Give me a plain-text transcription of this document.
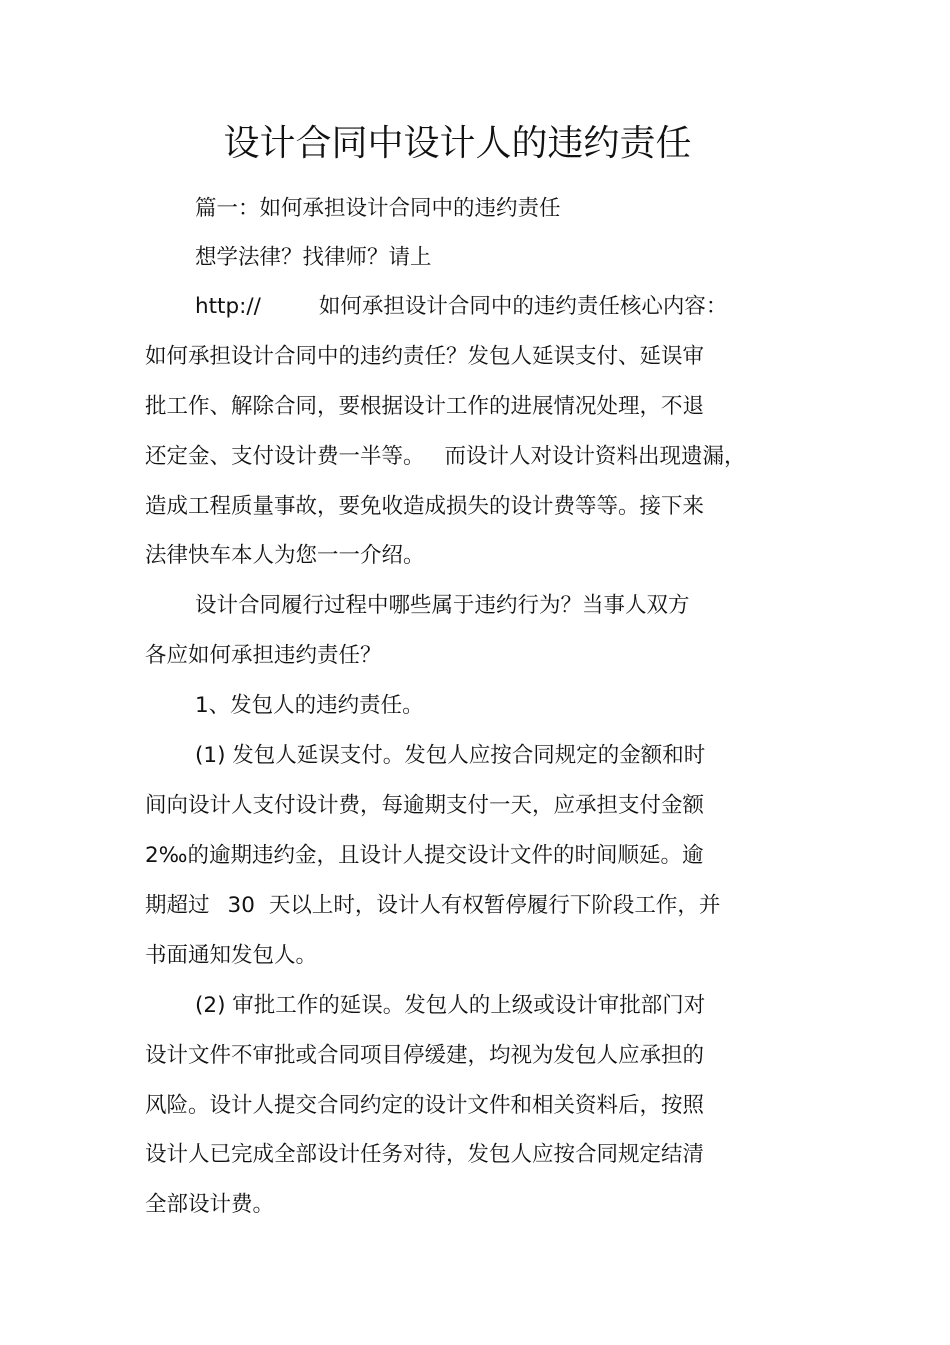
设计合同中设计人的违约责任
篇一：如何承担设计合同中的违约责任
想学法律？找律师？请上
http://	如何承担设计合同中的违约责任核心内容：
如何承担设计合同中的违约责任？发包人延误支付、延误审
批工作、解除合同，要根据设计工作的进展情况处理，不退
还定金、支付设计费一半等。 而设计人对设计资料出现遗漏，
造成工程质量事故，要免收造成损失的设计费等等。接下来
法律快车本人为您一一介绍。
设计合同履行过程中哪些属于违约行为？当事人双方
各应如何承担违约责任？
1、发包人的违约责任。
(1) 发包人延误支付。发包人应按合同规定的金额和时
间向设计人支付设计费，每逾期支付一天，应承担支付金额
2‰的逾期违约金，且设计人提交设计文件的时间顺延。逾
期超过 30 天以上时，设计人有权暂停履行下阶段工作，并
书面通知发包人。
(2) 审批工作的延误。发包人的上级或设计审批部门对
设计文件不审批或合同项目停缓建，均视为发包人应承担的
风险。设计人提交合同约定的设计文件和相关资料后，按照
设计人已完成全部设计任务对待，发包人应按合同规定结清
全部设计费。
